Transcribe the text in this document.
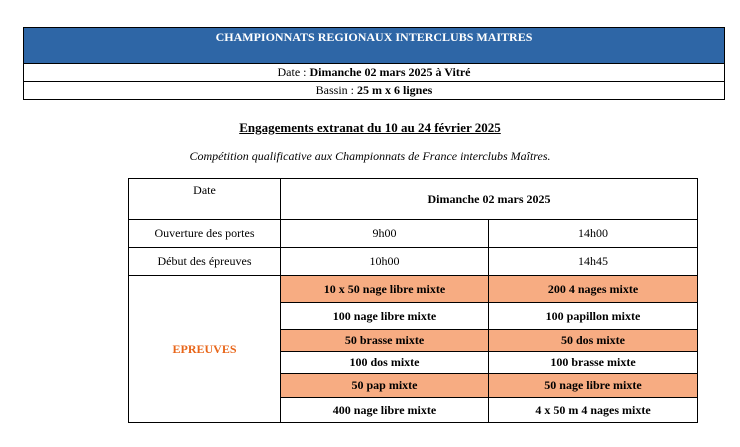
CHAMPIONNATS REGIONAUX INTERCLUBS MAITRES
Date : Dimanche 02 mars 2025 à Vitré
Bassin : 25 m x 6 lignes
Engagements extranat du 10 au 24 février 2025
Compétition qualificative aux Championnats de France interclubs Maîtres.
Date	Dimanche 02 mars 2025	
Ouverture des portes	9h00	14h00
Début des épreuves	10h00	14h45
EPREUVES	10 x 50 nage libre mixte	200 4 nages mixte
	100 nage libre mixte	100 papillon mixte
	50 brasse mixte	50 dos mixte
	100 dos mixte	100 brasse mixte
	50 pap mixte	50 nage libre mixte
	400 nage libre mixte	4 x 50 m 4 nages mixte
